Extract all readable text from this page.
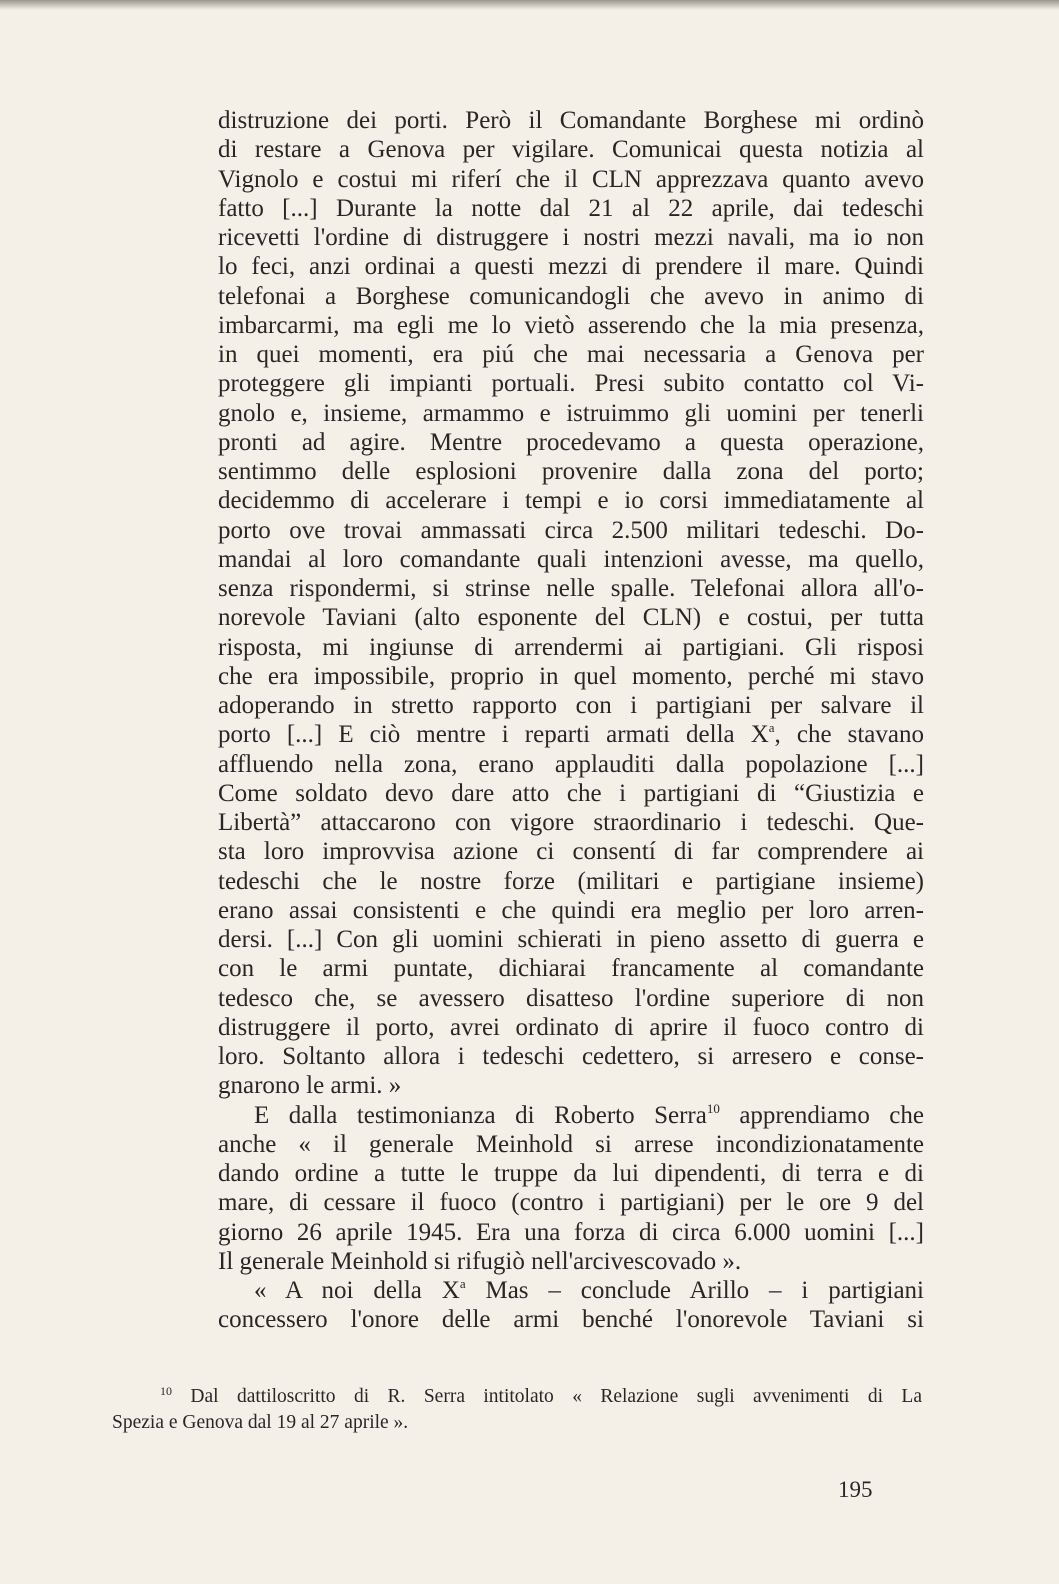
distruzione dei porti. Però il Comandante Borghese mi ordinò
di restare a Genova per vigilare. Comunicai questa notizia al
Vignolo e costui mi riferí che il CLN apprezzava quanto avevo
fatto [...] Durante la notte dal 21 al 22 aprile, dai tedeschi
ricevetti l'ordine di distruggere i nostri mezzi navali, ma io non
lo feci, anzi ordinai a questi mezzi di prendere il mare. Quindi
telefonai a Borghese comunicandogli che avevo in animo di
imbarcarmi, ma egli me lo vietò asserendo che la mia presenza,
in quei momenti, era piú che mai necessaria a Genova per
proteggere gli impianti portuali. Presi subito contatto col Vi-
gnolo e, insieme, armammo e istruimmo gli uomini per tenerli
pronti ad agire. Mentre procedevamo a questa operazione,
sentimmo delle esplosioni provenire dalla zona del porto;
decidemmo di accelerare i tempi e io corsi immediatamente al
porto ove trovai ammassati circa 2.500 militari tedeschi. Do-
mandai al loro comandante quali intenzioni avesse, ma quello,
senza rispondermi, si strinse nelle spalle. Telefonai allora all'o-
norevole Taviani (alto esponente del CLN) e costui, per tutta
risposta, mi ingiunse di arrendermi ai partigiani. Gli risposi
che era impossibile, proprio in quel momento, perché mi stavo
adoperando in stretto rapporto con i partigiani per salvare il
porto [...] E ciò mentre i reparti armati della $X^a$, che stavano
affluendo nella zona, erano applauditi dalla popolazione [...]
Come soldato devo dare atto che i partigiani di “Giustizia e
Libertà” attaccarono con vigore straordinario i tedeschi. Que-
sta loro improvvisa azione ci consentí di far comprendere ai
tedeschi che le nostre forze (militari e partigiane insieme)
erano assai consistenti e che quindi era meglio per loro arren-
dersi. [...] Con gli uomini schierati in pieno assetto di guerra e
con le armi puntate, dichiarai francamente al comandante
tedesco che, se avessero disatteso l'ordine superiore di non
distruggere il porto, avrei ordinato di aprire il fuoco contro di
loro. Soltanto allora i tedeschi cedettero, si arresero e conse-
gnarono le armi. »
E dalla testimonianza di Roberto Serra$^{10}$ apprendiamo che
anche « il generale Meinhold si arrese incondizionatamente
dando ordine a tutte le truppe da lui dipendenti, di terra e di
mare, di cessare il fuoco (contro i partigiani) per le ore 9 del
giorno 26 aprile 1945. Era una forza di circa 6.000 uomini [...]
Il generale Meinhold si rifugiò nell'arcivescovado ».
« A noi della $X^a$ Mas – conclude Arillo – i partigiani
concessero l'onore delle armi benché l'onorevole Taviani si
$^{10}$ Dal dattiloscritto di R. Serra intitolato « Relazione sugli avvenimenti di La
Spezia e Genova dal 19 al 27 aprile ».
195
